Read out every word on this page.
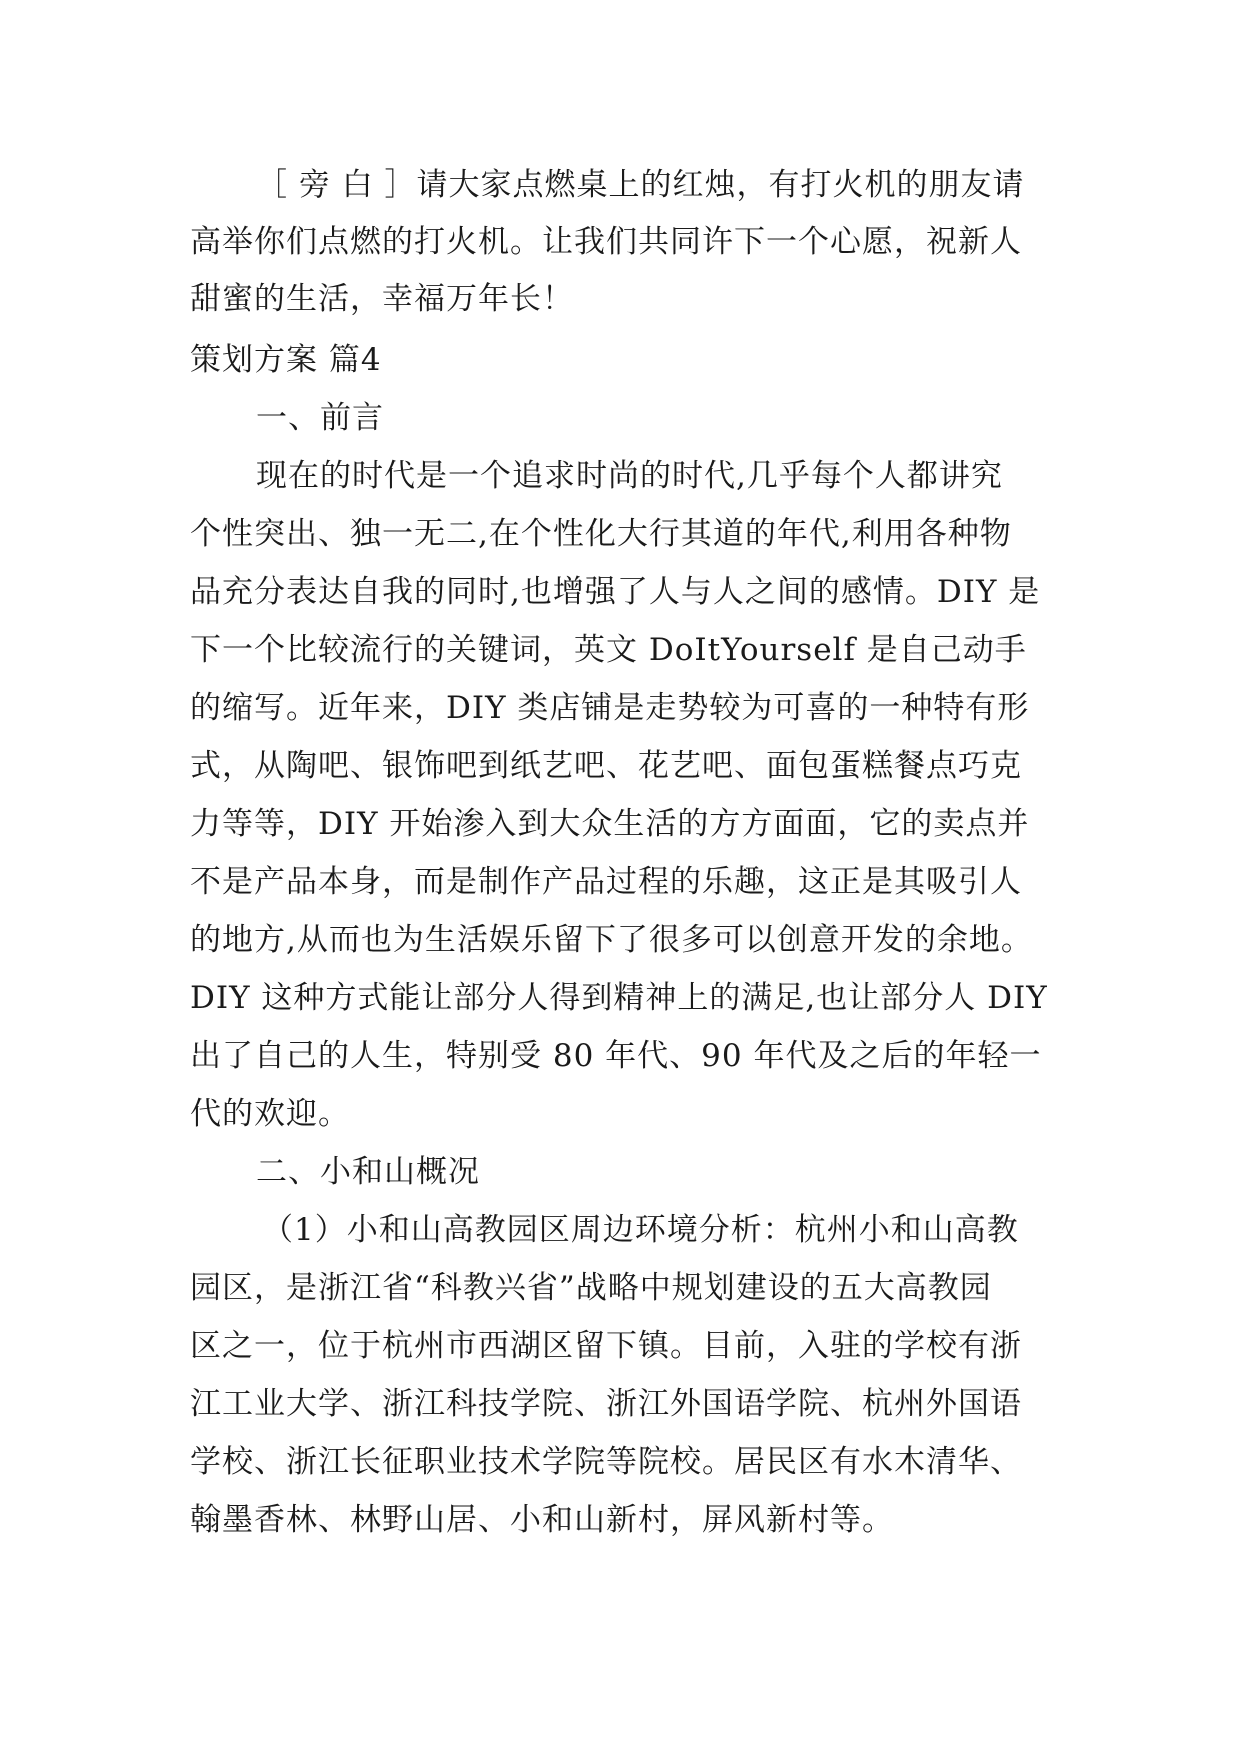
［ 旁 白 ］请大家点燃桌上的红烛，有打火机的朋友请
高举你们点燃的打火机。让我们共同许下一个心愿，祝新人
甜蜜的生活，幸福万年长！
策划方案 篇4
一、前言
现在的时代是一个追求时尚的时代,几乎每个人都讲究
个性突出、独一无二,在个性化大行其道的年代,利用各种物
品充分表达自我的同时,也增强了人与人之间的感情。DIY 是
下一个比较流行的关键词，英文 DoItYourself 是自己动手
的缩写。近年来，DIY 类店铺是走势较为可喜的一种特有形
式，从陶吧、银饰吧到纸艺吧、花艺吧、面包蛋糕餐点巧克
力等等，DIY 开始渗入到大众生活的方方面面，它的卖点并
不是产品本身，而是制作产品过程的乐趣，这正是其吸引人
的地方,从而也为生活娱乐留下了很多可以创意开发的余地。
DIY 这种方式能让部分人得到精神上的满足,也让部分人 DIY
出了自己的人生，特别受 80 年代、90 年代及之后的年轻一
代的欢迎。
二、小和山概况
（1）小和山高教园区周边环境分析：杭州小和山高教
园区，是浙江省“科教兴省”战略中规划建设的五大高教园
区之一，位于杭州市西湖区留下镇。目前，入驻的学校有浙
江工业大学、浙江科技学院、浙江外国语学院、杭州外国语
学校、浙江长征职业技术学院等院校。居民区有水木清华、
翰墨香林、林野山居、小和山新村，屏风新村等。
